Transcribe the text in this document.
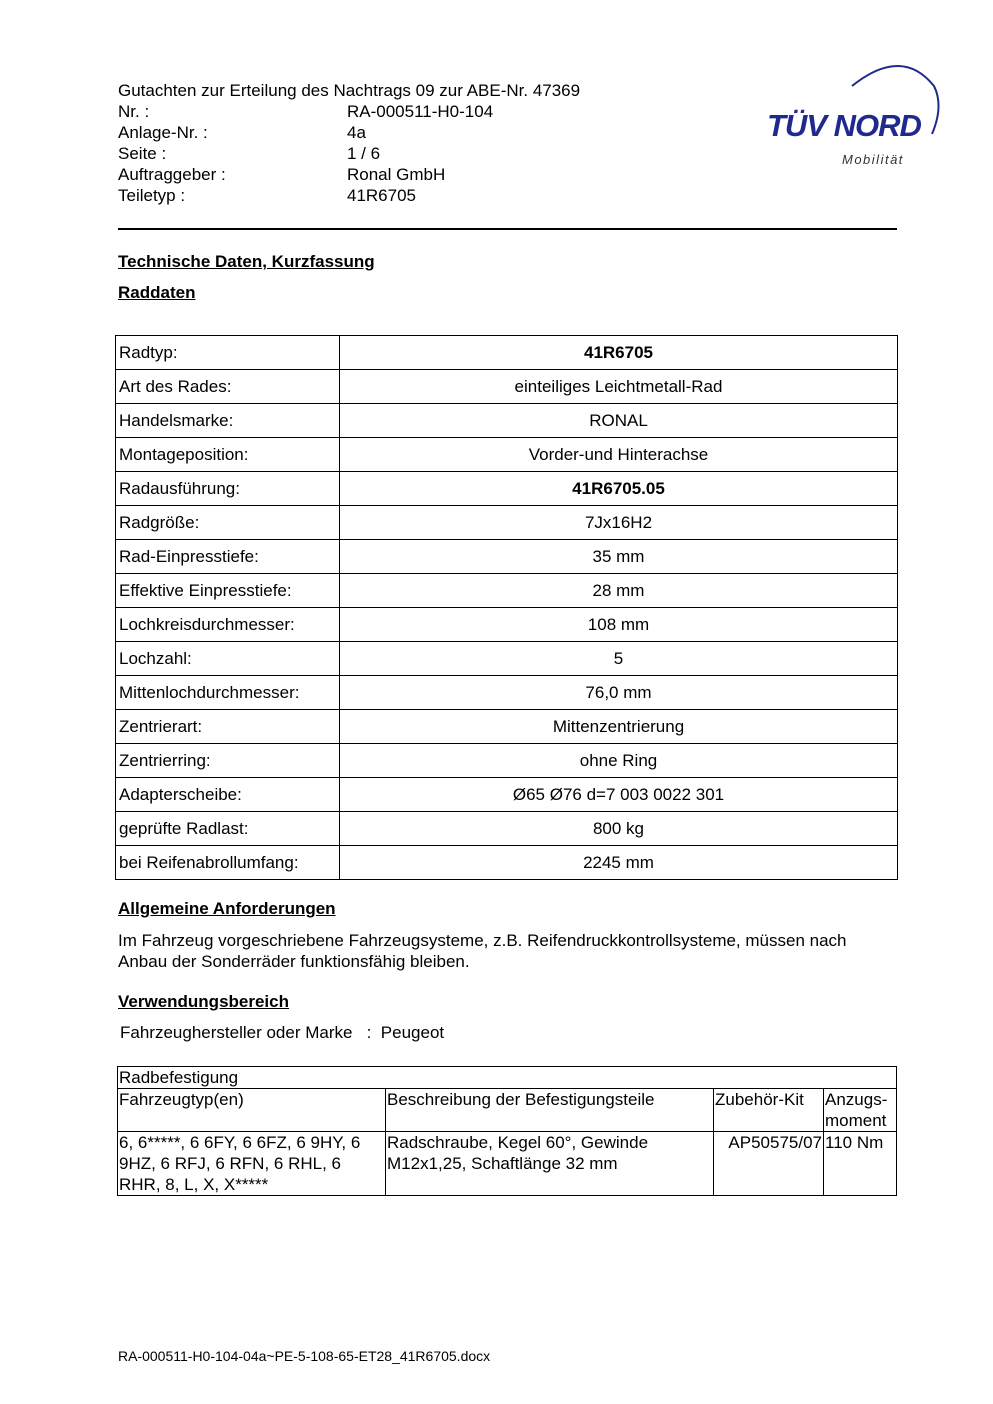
Gutachten zur Erteilung des Nachtrags 09 zur ABE-Nr. 47369
Nr. :	RA-000511-H0-104
Anlage-Nr. :	4a
Seite :	1 / 6
Auftraggeber :	Ronal GmbH
Teiletyp :	41R6705
TÜV NORD
Mobilität
Technische Daten, Kurzfassung
Raddaten
Radtyp:	41R6705
Art des Rades:	einteiliges Leichtmetall-Rad
Handelsmarke:	RONAL
Montageposition:	Vorder-und Hinterachse
Radausführung:	41R6705.05
Radgröße:	7Jx16H2
Rad-Einpresstiefe:	35 mm
Effektive Einpresstiefe:	28 mm
Lochkreisdurchmesser:	108 mm
Lochzahl:	5
Mittenlochdurchmesser:	76,0 mm
Zentrierart:	Mittenzentrierung
Zentrierring:	ohne Ring
Adapterscheibe:	Ø65 Ø76 d=7 003 0022 301
geprüfte Radlast:	800 kg
bei Reifenabrollumfang:	2245 mm
Allgemeine Anforderungen
Im Fahrzeug vorgeschriebene Fahrzeugsysteme, z.B. Reifendruckkontrollsysteme, müssen nach Anbau der Sonderräder funktionsfähig bleiben.
Verwendungsbereich
Fahrzeughersteller oder Marke   :  Peugeot
Radbefestigung			
Fahrzeugtyp(en)	Beschreibung der Befestigungsteile	Zubehör-Kit	Anzugs-moment
6, 6*****, 6 6FY, 6 6FZ, 6 9HY, 6 9HZ, 6 RFJ, 6 RFN, 6 RHL, 6 RHR, 8, L, X, X*****	Radschraube, Kegel 60°, Gewinde M12x1,25, Schaftlänge 32 mm	AP50575/07	110 Nm
RA-000511-H0-104-04a~PE-5-108-65-ET28_41R6705.docx
